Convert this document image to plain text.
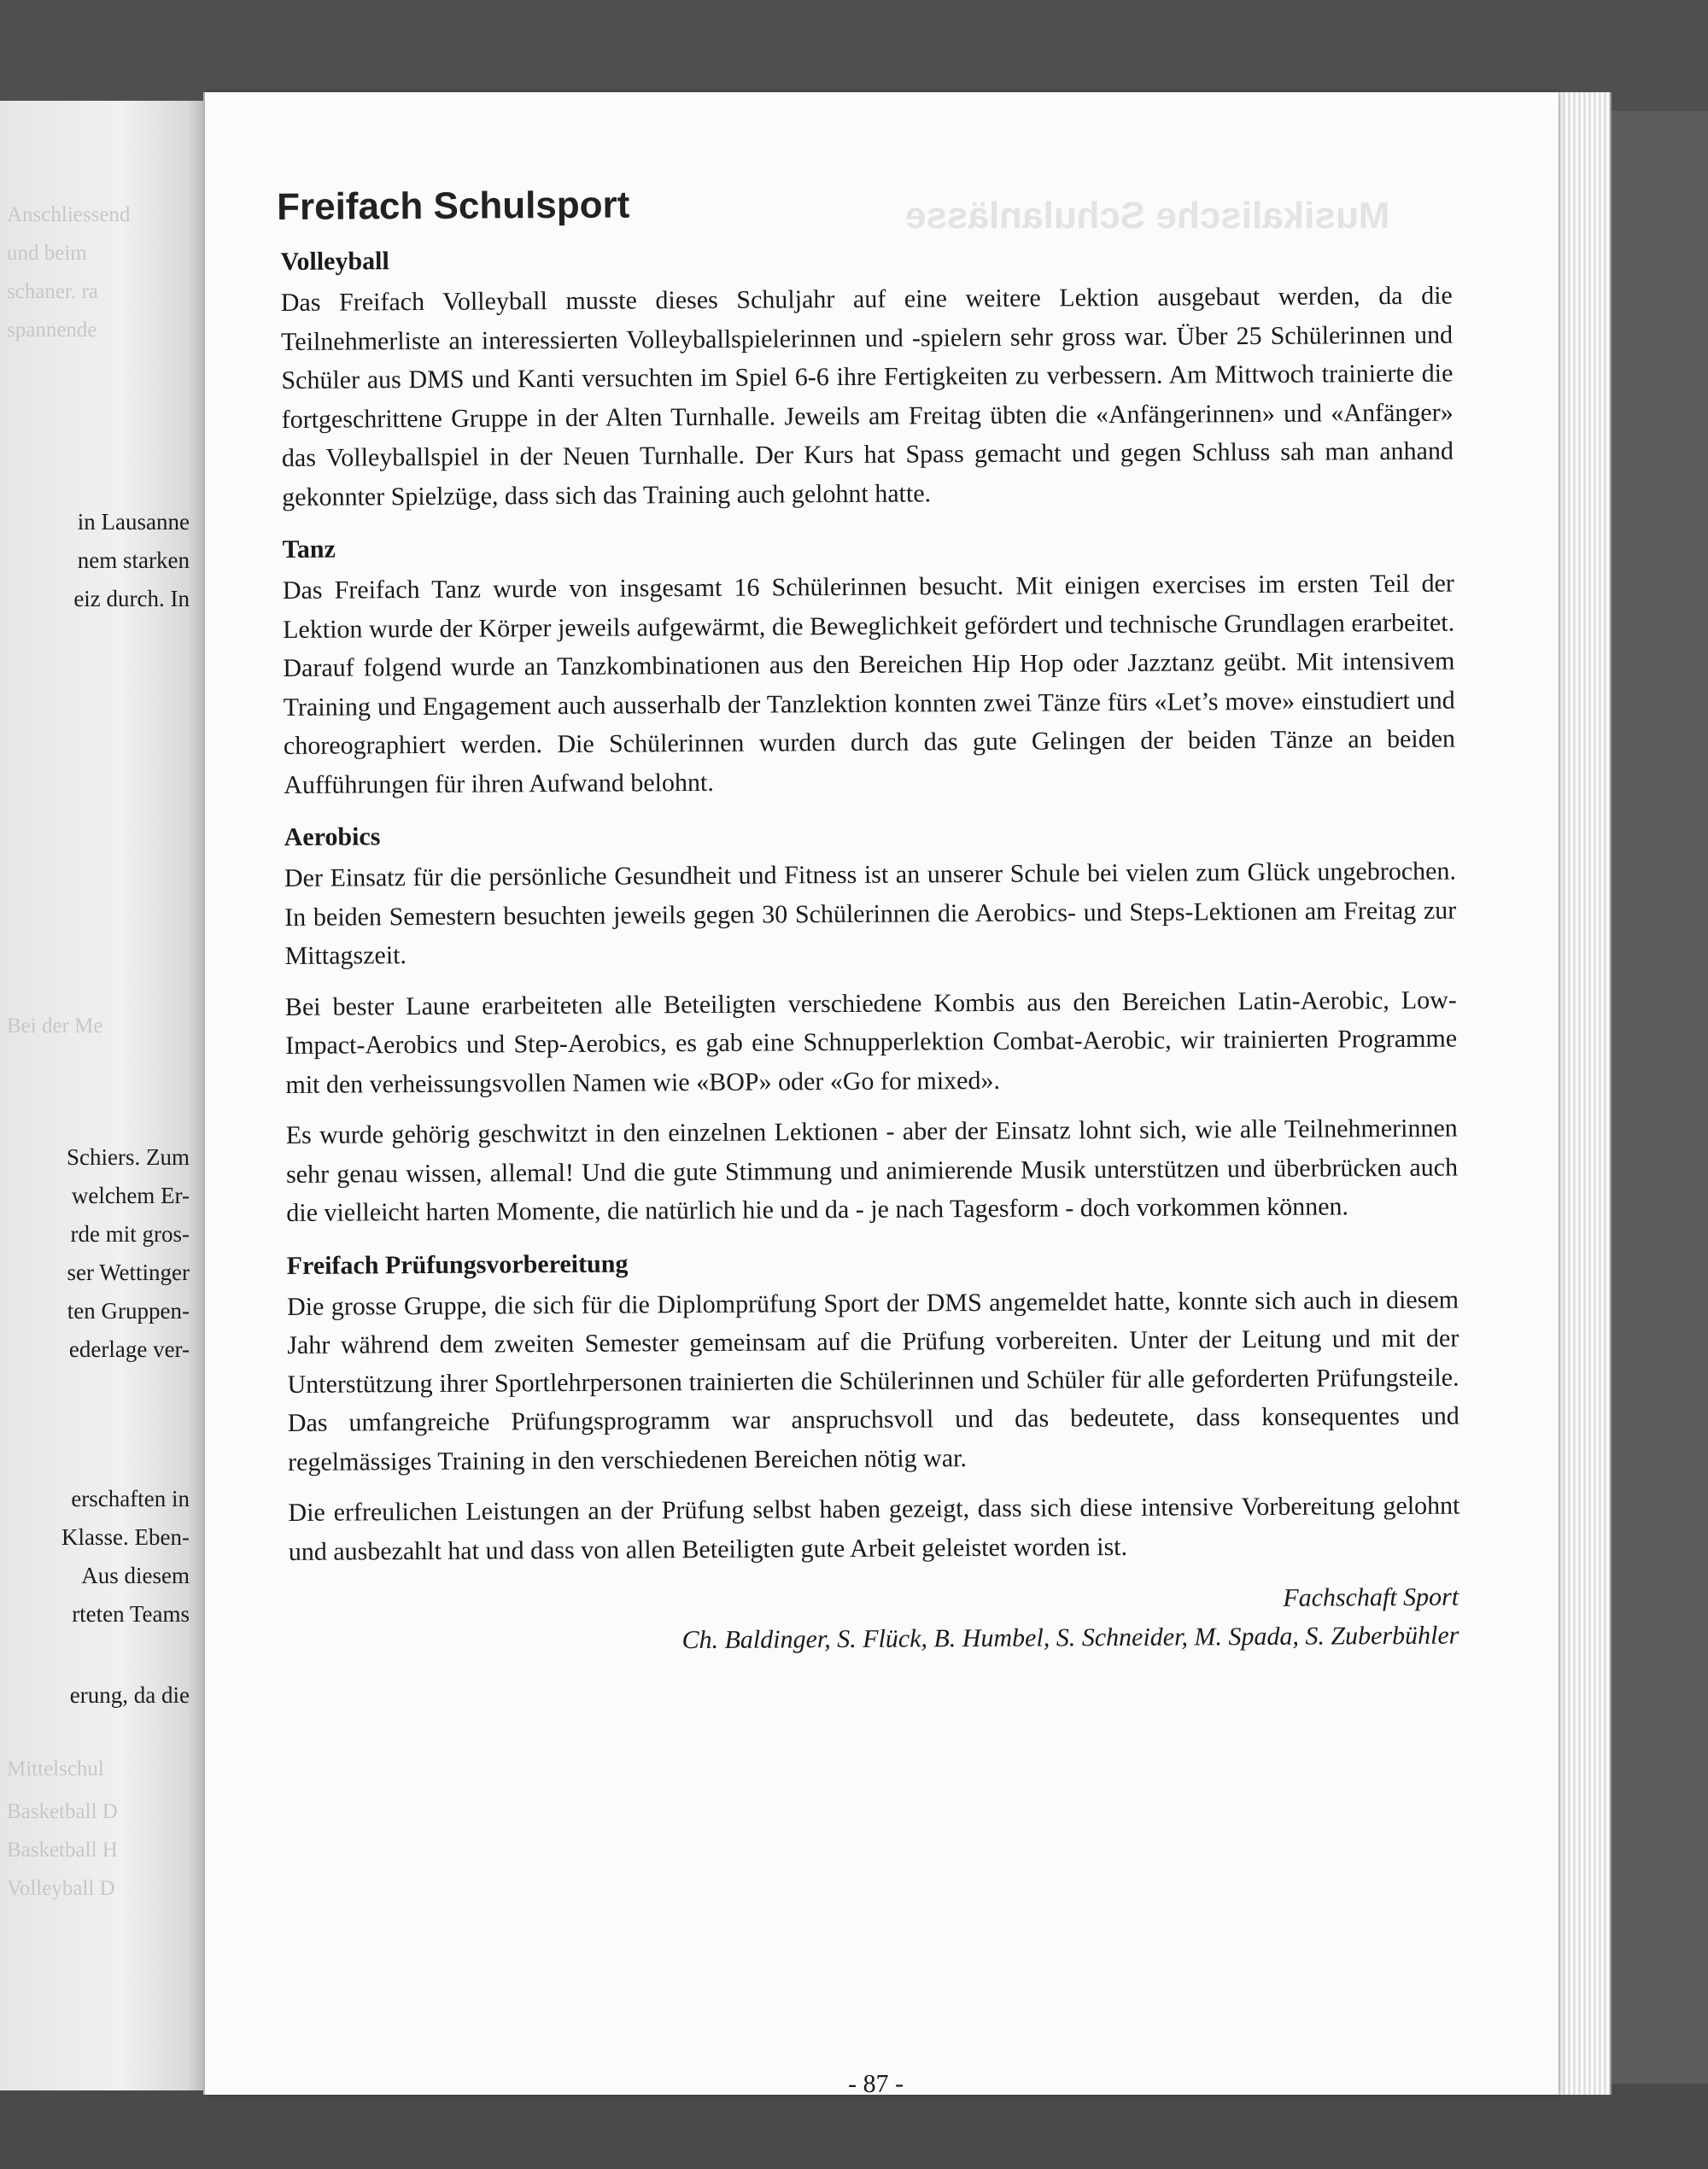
Anschliessend
und beim
schaner. ra
spannende
in Lausanne
nem starken
eiz durch. In
Bei der Me
Schiers. Zum
welchem Er-
rde mit gros-
ser Wettinger
ten Gruppen-
ederlage ver-
erschaften in
Klasse. Eben-
Aus diesem
rteten Teams
erung, da die
Mittelschul
Basketball D
Basketball H
Volleyball D
Musikalische Schulanlässe
Freifach Schulsport
Volleyball

Das Freifach Volleyball musste dieses Schuljahr auf eine weitere Lektion ausgebaut werden, da die Teilnehmerliste an interessierten Volleyballspielerinnen und -spielern sehr gross war. Über 25 Schülerinnen und Schüler aus DMS und Kanti versuchten im Spiel 6-6 ihre Fertigkeiten zu verbessern. Am Mittwoch trainierte die fortgeschrittene Gruppe in der Alten Turnhalle. Jeweils am Freitag übten die «Anfängerinnen» und «Anfänger» das Volleyballspiel in der Neuen Turnhalle. Der Kurs hat Spass gemacht und gegen Schluss sah man anhand gekonnter Spielzüge, dass sich das Training auch gelohnt hatte.

Tanz

Das Freifach Tanz wurde von insgesamt 16 Schülerinnen besucht. Mit einigen exercises im ersten Teil der Lektion wurde der Körper jeweils aufgewärmt, die Beweglichkeit gefördert und technische Grundlagen erarbeitet. Darauf folgend wurde an Tanzkombinationen aus den Bereichen Hip Hop oder Jazztanz geübt. Mit intensivem Training und Engagement auch ausserhalb der Tanzlektion konnten zwei Tänze fürs «Let’s move» einstudiert und choreographiert werden. Die Schülerinnen wurden durch das gute Gelingen der beiden Tänze an beiden Aufführungen für ihren Aufwand belohnt.

Aerobics

Der Einsatz für die persönliche Gesundheit und Fitness ist an unserer Schule bei vielen zum Glück ungebrochen. In beiden Semestern besuchten jeweils gegen 30 Schülerinnen die Aerobics- und Steps-Lektionen am Freitag zur Mittagszeit.

Bei bester Laune erarbeiteten alle Beteiligten verschiedene Kombis aus den Bereichen Latin-Aerobic, Low-Impact-Aerobics und Step-Aerobics, es gab eine Schnupperlektion Combat-Aerobic, wir trainierten Programme mit den verheissungsvollen Namen wie «BOP» oder «Go for mixed».

Es wurde gehörig geschwitzt in den einzelnen Lektionen - aber der Einsatz lohnt sich, wie alle Teilnehmerinnen sehr genau wissen, allemal! Und die gute Stimmung und animierende Musik unterstützen und überbrücken auch die vielleicht harten Momente, die natürlich hie und da - je nach Tagesform - doch vorkommen können.

Freifach Prüfungsvorbereitung

Die grosse Gruppe, die sich für die Diplomprüfung Sport der DMS angemeldet hatte, konnte sich auch in diesem Jahr während dem zweiten Semester gemeinsam auf die Prüfung vorbereiten. Unter der Leitung und mit der Unterstützung ihrer Sportlehrpersonen trainierten die Schülerinnen und Schüler für alle geforderten Prüfungsteile. Das umfangreiche Prüfungsprogramm war anspruchsvoll und das bedeutete, dass konsequentes und regelmässiges Training in den verschiedenen Bereichen nötig war.

Die erfreulichen Leistungen an der Prüfung selbst haben gezeigt, dass sich diese intensive Vorbereitung gelohnt und ausbezahlt hat und dass von allen Beteiligten gute Arbeit geleistet worden ist.

Fachschaft Sport
Ch. Baldinger, S. Flück, B. Humbel, S. Schneider, M. Spada, S. Zuberbühler
- 87 -
